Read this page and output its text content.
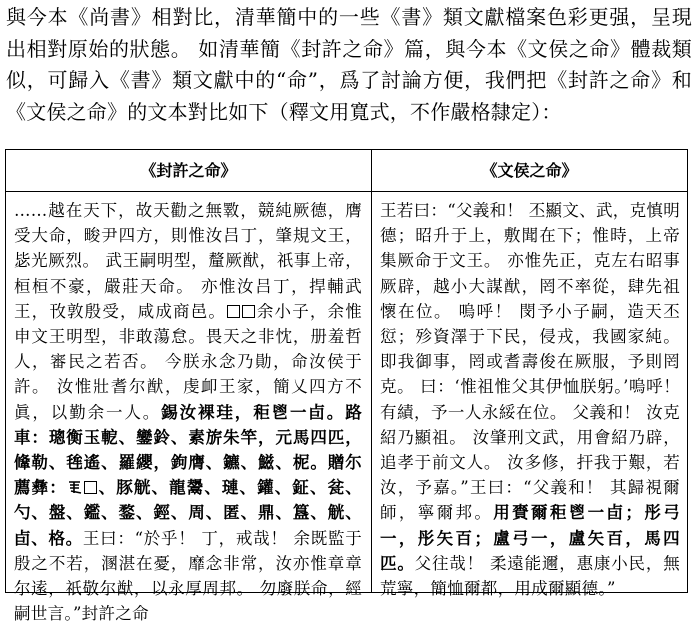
與今本《尚書》相對比，清華簡中的一些《書》類文獻檔案色彩更强，呈現出相對原始的狀態。 如清華簡《封許之命》篇，與今本《文侯之命》體裁類似，可歸入《書》類文獻中的“命”，爲了討論方便，我們把《封許之命》和《文侯之命》的文本對比如下（釋文用寬式，不作嚴格隸定）：

《封許之命》	《文侯之命》

……越在天下，故天勸之無斁，競純厥德，膺受大命，畯尹四方，則惟汝吕丁，肇規文王，毖光厥烈。 武王嗣明型，釐厥猷，祇事上帝，桓桓不豪，嚴莊天命。 亦惟汝吕丁，捍輔武王，攼敦殷受，咸成商邑。 余小子，余惟申文王明型，非敢蕩怠。畏天之非忱，册羞哲人，審民之若否。 今朕永念乃勛，命汝侯于許。 汝惟壯耆尔猷，虔卹王家，簡乂四方不眞，以勤余一人。錫汝裸珪，秬鬯一卣。路車：璁衡玉軶、鑾鈴、素旂朱竿，元馬四匹，鞗勒、毪遙、羅纓，鉤膺、鑣、鰦、柅。贈尓薦彝： 、豚觥、龍鬹、璉、鑵、鉦、瓫、勺、盤、鑑、鍪、鋞、周、匿、鼎、簋、觥、卣、格。王曰：“於乎！ 丁，戒哉！ 余既監于殷之不若，溷湛在憂，靡念非常，汝亦惟章章尔逺，祇敬尔猷，以永厚周邦。 勿廢朕命，經嗣世言。”封許之命

王若曰：“父義和！ 丕顯文、武，克慎明德；昭升于上，敷聞在下；惟時，上帝集厥命于文王。 亦惟先正，克左右昭事厥辟，越小大謀猷，罔不率從，肆先祖懷在位。 嗚呼！ 閔予小子嗣，造天丕愆；殄資澤于下民，侵戎，我國家純。 即我御事，罔或耆壽俊在厥服，予則罔克。 曰：‘惟祖惟父其伊恤朕躬。’嗚呼！ 有績，予一人永綏在位。 父義和！ 汝克紹乃顯祖。 汝肇刑文武，用會紹乃辟，追孝于前文人。 汝多修，扞我于艱，若汝，予嘉。”王曰：“父義和！ 其歸視爾師，寧爾邦。用賚爾秬鬯一卣；彤弓一，彤矢百；盧弓一，盧矢百，馬四匹。父往哉！ 柔遠能邇，惠康小民，無荒寧，簡恤爾都，用成爾顯德。”
